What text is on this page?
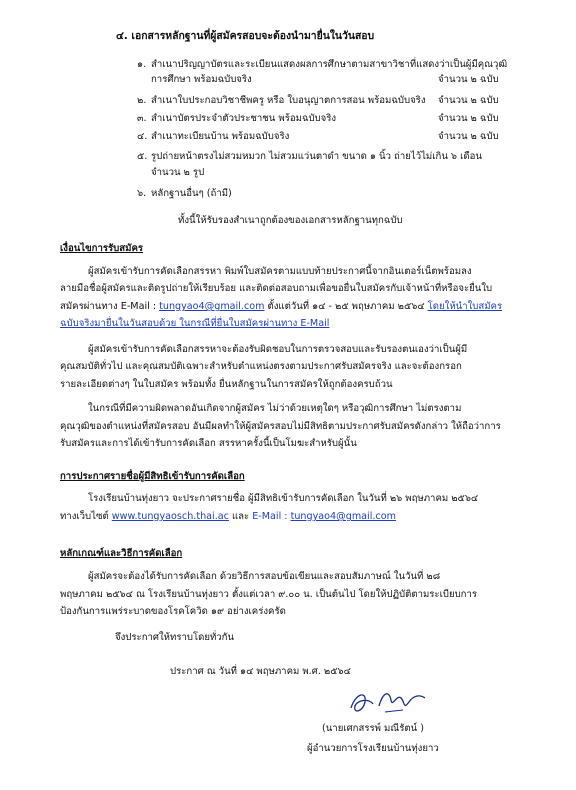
๔. เอกสารหลักฐานที่ผู้สมัครสอบจะต้องนำมายื่นในวันสอบ
๑. สำเนาปริญญาบัตรและระเบียนแสดงผลการศึกษาตามสาขาวิชาที่แสดงว่าเป็นผู้มีคุณวุฒิ
การศึกษา พร้อมฉบับจริง	จำนวน ๒ ฉบับ
๒. สำเนาใบประกอบวิชาชีพครู หรือ ใบอนุญาตการสอน พร้อมฉบับจริง จำนวน ๒ ฉบับ
๓. สำเนาบัตรประจำตัวประชาชน พร้อมฉบับจริง	จำนวน ๒ ฉบับ
๔. สำเนาทะเบียนบ้าน พร้อมฉบับจริง	จำนวน ๒ ฉบับ
๕. รูปถ่ายหน้าตรงไม่สวมหมวก ไม่สวมแว่นตาดำ ขนาด ๑ นิ้ว ถ่ายไว้ไม่เกิน ๖ เดือน
จำนวน ๒ รูป
๖. หลักฐานอื่นๆ (ถ้ามี)
ทั้งนี้ให้รับรองสำเนาถูกต้องของเอกสารหลักฐานทุกฉบับ
เงื่อนไขการรับสมัคร
ผู้สมัครเข้ารับการคัดเลือกสรรหา พิมพ์ใบสมัครตามแบบท้ายประกาศนี้จากอินเตอร์เน็ตพร้อมลง
ลายมือชื่อผู้สมัครและติดรูปถ่ายให้เรียบร้อย และติดต่อสอบถามเพื่อขอยื่นใบสมัครกับเจ้าหน้าที่หรือจะยื่นใบ
สมัครผ่านทาง E-Mail : tungyao4@gmail.com ตั้งแต่วันที่ ๑๔ - ๒๕ พฤษภาคม ๒๕๖๔ โดยให้นำใบสมัคร
ฉบับจริงมายื่นในวันสอบด้วย ในกรณีที่ยื่นใบสมัครผ่านทาง E-Mail
ผู้สมัครเข้ารับการคัดเลือกสรรหาจะต้องรับผิดชอบในการตรวจสอบและรับรองตนเองว่าเป็นผู้มี
คุณสมบัติทั่วไป และคุณสมบัติเฉพาะสำหรับตำแหน่งตรงตามประกาศรับสมัครจริง และจะต้องกรอก
รายละเอียดต่างๆ ในใบสมัคร พร้อมทั้ง ยื่นหลักฐานในการสมัครให้ถูกต้องครบถ้วน
ในกรณีที่มีความผิดพลาดอันเกิดจากผู้สมัคร ไม่ว่าด้วยเหตุใดๆ หรือวุฒิการศึกษา ไม่ตรงตาม
คุณวุฒิของตำแหน่งที่สมัครสอบ อันมีผลทำให้ผู้สมัครสอบไม่มีสิทธิตามประกาศรับสมัครดังกล่าว ให้ถือว่าการ
รับสมัครและการได้เข้ารับการคัดเลือก สรรหาครั้งนี้เป็นโมฆะสำหรับผู้นั้น
การประกาศรายชื่อผู้มีสิทธิเข้ารับการคัดเลือก
โรงเรียนบ้านทุ่งยาว จะประกาศรายชื่อ ผู้มีสิทธิเข้ารับการคัดเลือก ในวันที่ ๒๖ พฤษภาคม ๒๕๖๔
ทางเว็บไซต์ www.tungyaosch.thai.ac และ E-Mail : tungyao4@gmail.com
หลักเกณฑ์และวิธีการคัดเลือก
ผู้สมัครจะต้องได้รับการคัดเลือก ด้วยวิธีการสอบข้อเขียนและสอบสัมภาษณ์ ในวันที่ ๒๘
พฤษภาคม ๒๕๖๔ ณ โรงเรียนบ้านทุ่งยาว ตั้งแต่เวลา ๙.๐๐ น. เป็นต้นไป โดยให้ปฏิบัติตามระเบียบการ
ป้องกันการแพร่ระบาดของโรคโควิด ๑๙ อย่างเคร่งครัด
จึงประกาศให้ทราบโดยทั่วกัน
ประกาศ ณ วันที่ ๑๔ พฤษภาคม พ.ศ. ๒๕๖๔
(นายเศกสรรพ์ มณีรัตน์ )
ผู้อำนวยการโรงเรียนบ้านทุ่งยาว
